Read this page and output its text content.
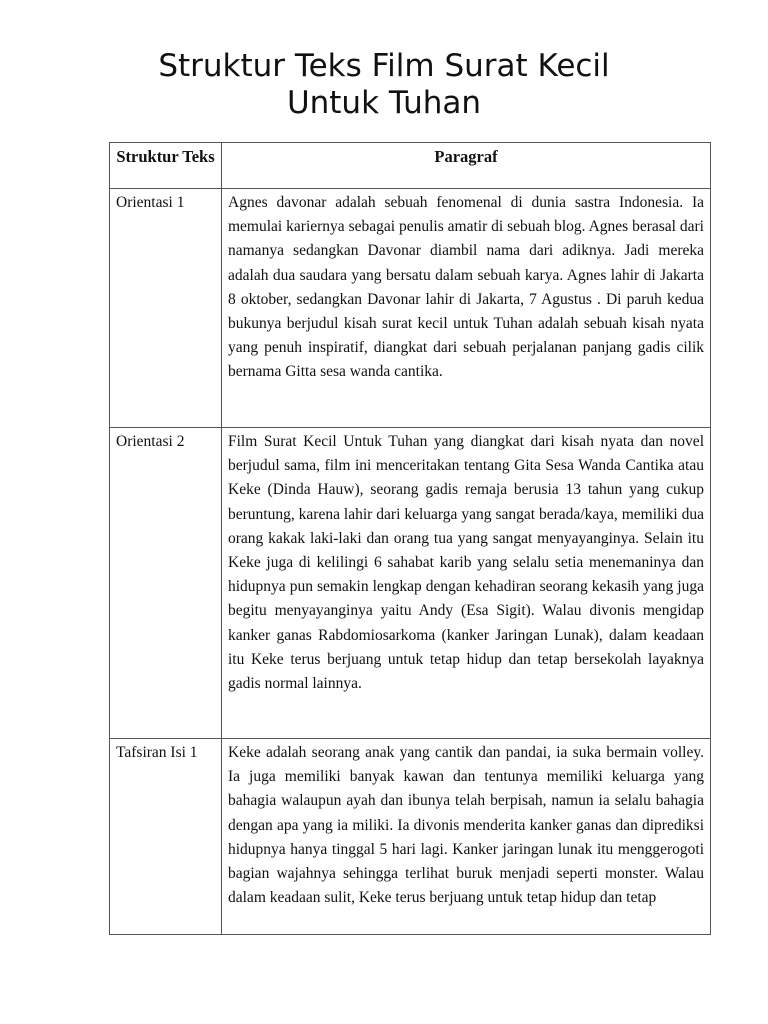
Struktur Teks Film Surat Kecil
Untuk Tuhan
Struktur Teks	Paragraf
Orientasi 1	Agnes davonar adalah sebuah fenomenal di dunia sastra Indonesia. Ia memulai kariernya sebagai penulis amatir di sebuah blog. Agnes berasal dari namanya sedangkan Davonar diambil nama dari adiknya. Jadi mereka adalah dua saudara yang bersatu dalam sebuah karya. Agnes lahir di Jakarta 8 oktober, sedangkan Davonar lahir di Jakarta, 7 Agustus . Di paruh kedua bukunya berjudul kisah surat kecil untuk Tuhan adalah sebuah kisah nyata yang penuh inspiratif, diangkat dari sebuah perjalanan panjang gadis cilik bernama Gitta sesa wanda cantika.
Orientasi 2	Film Surat Kecil Untuk Tuhan yang diangkat dari kisah nyata dan novel berjudul sama, film ini menceritakan tentang Gita Sesa Wanda Cantika atau Keke (Dinda Hauw), seorang gadis remaja berusia 13 tahun yang cukup beruntung, karena lahir dari keluarga yang sangat berada/kaya, memiliki dua orang kakak laki-laki dan orang tua yang sangat menyayanginya. Selain itu Keke juga di kelilingi 6 sahabat karib yang selalu setia menemaninya dan hidupnya pun semakin lengkap dengan kehadiran seorang kekasih yang juga begitu menyayanginya yaitu Andy (Esa Sigit). Walau divonis mengidap kanker ganas Rabdomiosarkoma (kanker Jaringan Lunak), dalam keadaan itu Keke terus berjuang untuk tetap hidup dan tetap bersekolah layaknya gadis normal lainnya.
Tafsiran Isi 1	Keke adalah seorang anak yang cantik dan pandai, ia suka bermain volley. Ia juga memiliki banyak kawan dan tentunya memiliki keluarga yang bahagia walaupun ayah dan ibunya telah berpisah, namun ia selalu bahagia dengan apa yang ia miliki. Ia divonis menderita kanker ganas dan diprediksi hidupnya hanya tinggal 5 hari lagi. Kanker jaringan lunak itu menggerogoti bagian wajahnya sehingga terlihat buruk menjadi seperti monster. Walau dalam keadaan sulit, Keke terus berjuang untuk tetap hidup dan tetap
